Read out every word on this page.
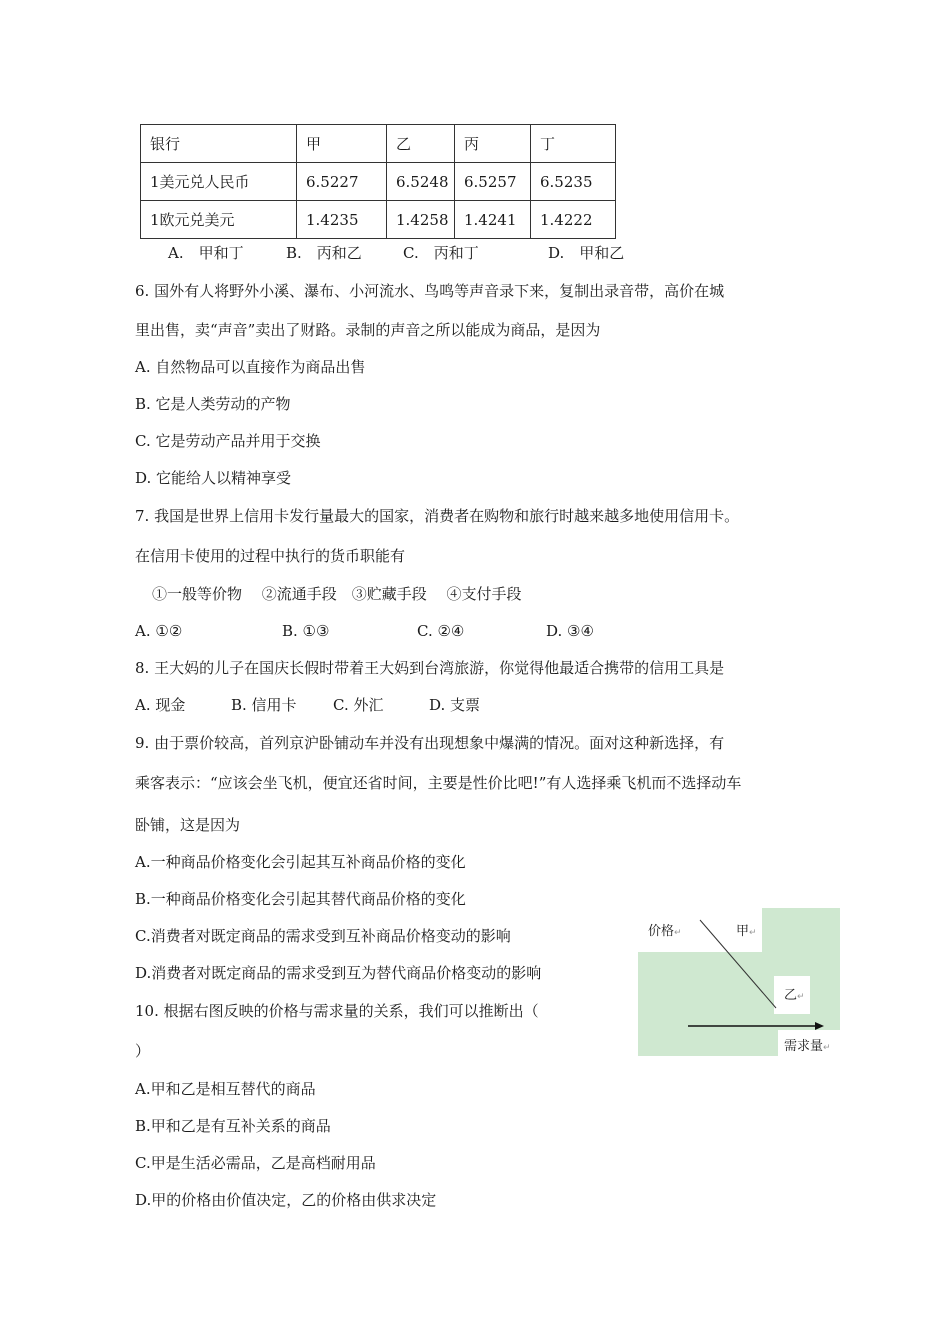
银行	甲	乙	丙	丁
1美元兑人民币	6.5227	6.5248	6.5257	6.5235
1欧元兑美元	1.4235	1.4258	1.4241	1.4222
A.　甲和丁	B.　丙和乙	C.　丙和丁	D.　甲和乙
6. 国外有人将野外小溪、瀑布、小河流水、鸟鸣等声音录下来，复制出录音带，高价在城
里出售，卖“声音”卖出了财路。录制的声音之所以能成为商品，是因为
A. 自然物品可以直接作为商品出售
B. 它是人类劳动的产物
C. 它是劳动产品并用于交换
D. 它能给人以精神享受
7. 我国是世界上信用卡发行量最大的国家，消费者在购物和旅行时越来越多地使用信用卡。
在信用卡使用的过程中执行的货币职能有
①一般等价物　 ②流通手段　③贮藏手段　 ④支付手段
A. ①②	B. ①③	C. ②④	D. ③④
8. 王大妈的儿子在国庆长假时带着王大妈到台湾旅游，你觉得他最适合携带的信用工具是
A. 现金	B. 信用卡 C. 外汇	D. 支票
9. 由于票价较高，首列京沪卧铺动车并没有出现想象中爆满的情况。面对这种新选择，有
乘客表示：“应该会坐飞机，便宜还省时间，主要是性价比吧!”有人选择乘飞机而不选择动车
卧铺，这是因为
A.一种商品价格变化会引起其互补商品价格的变化
B.一种商品价格变化会引起其替代商品价格的变化
C.消费者对既定商品的需求受到互补商品价格变动的影响
D.消费者对既定商品的需求受到互为替代商品价格变动的影响
10. 根据右图反映的价格与需求量的关系，我们可以推断出（
）
A.甲和乙是相互替代的商品
B.甲和乙是有互补关系的商品
C.甲是生活必需品，乙是高档耐用品
D.甲的价格由价值决定，乙的价格由供求决定
价格↵	甲↵
乙↵
需求量↵
